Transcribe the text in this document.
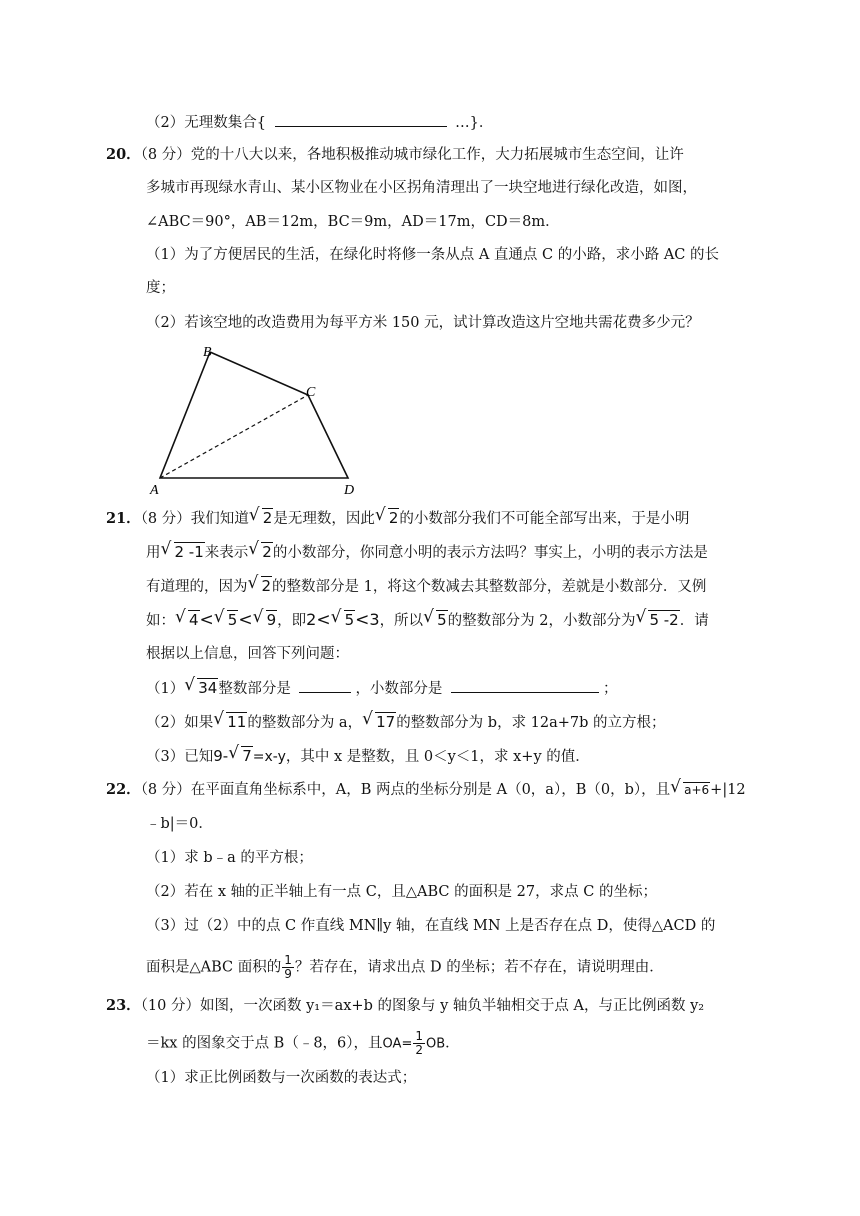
（2）无理数集合{	…}．
20．（8 分）党的十八大以来，各地积极推动城市绿化工作，大力拓展城市生态空间，让许
多城市再现绿水青山、某小区物业在小区拐角清理出了一块空地进行绿化改造，如图，
∠ABC＝90°，AB＝12m，BC＝9m，AD＝17m，CD＝8m．
（1）为了方便居民的生活，在绿化时将修一条从点 A 直通点 C 的小路，求小路 AC 的长
度；
（2）若该空地的改造费用为每平方米 150 元，试计算改造这片空地共需花费多少元？
B
C
A	D
21．（8 分）我们知道 √ 2是无理数，因此 √ 2的小数部分我们不可能全部写出来，于是小明
用 √ 2 -1来表示 √ 2的小数部分，你同意小明的表示方法吗？事实上，小明的表示方法是
有道理的，因为 √ 2的整数部分是 1，将这个数减去其整数部分，差就是小数部分．又例
如： √ 4< √ 5< √ 9，即2< √ 5<3，所以 √ 5的整数部分为 2，小数部分为 √ 5 -2．请
根据以上信息，回答下列问题：
（1） √ 34整数部分是	，小数部分是	；
（2）如果 √ 11的整数部分为 a， √ 17的整数部分为 b，求 12a+7b 的立方根；
（3）已知9- √ 7=x-y，其中 x 是整数，且 0＜y＜1，求 x+y 的值．
22．（8 分）在平面直角坐标系中，A，B 两点的坐标分别是 A（0，a），B（0，b），且 √ a+6+|12
﹣b|＝0．
（1）求 b﹣a 的平方根；
（2）若在 x 轴的正半轴上有一点 C，且△ABC 的面积是 27，求点 C 的坐标；
（3）过（2）中的点 C 作直线 MN∥y 轴，在直线 MN 上是否存在点 D，使得△ACD 的
面积是△ABC 面积的 $\frac{1}{9}$ ？若存在，请求出点 D 的坐标；若不存在，请说明理由．
23．（10 分）如图，一次函数 y₁＝ax+b 的图象与 y 轴负半轴相交于点 A，与正比例函数 y₂
＝kx 的图象交于点 B（﹣8，6），且$OA= \frac{1}{2}$ OB．
（1）求正比例函数与一次函数的表达式；
